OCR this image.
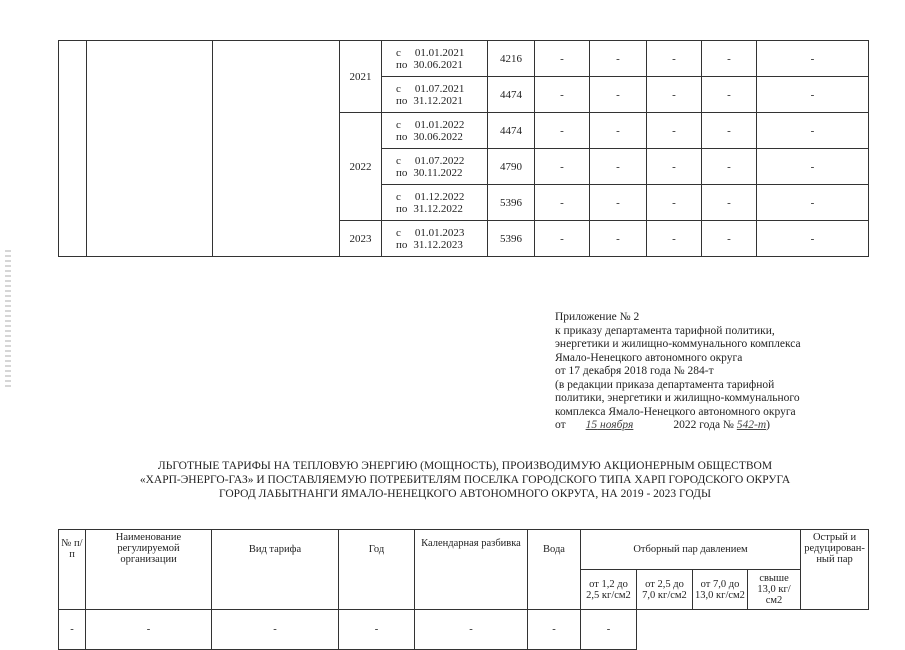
			2021	с 01.01.2021
по 30.06.2021	4216	-	-	-	-	-

				с 01.07.2021
по 31.12.2021	4474	-	-	-	-	-
			2022	с 01.01.2022
по 30.06.2022	4474	-	-	-	-	-

				с 01.07.2022
по 30.11.2022	4790	-	-	-	-	-

				с 01.12.2022
по 31.12.2022	5396	-	-	-	-	-
			2023	с 01.01.2023
по 31.12.2023	5396	-	-	-	-	-
Приложение № 2
к приказу департамента тарифной политики,
энергетики и жилищно-коммунального комплекса
Ямало-Ненецкого автономного округа
от 17 декабря 2018 года № 284-т
(в редакции приказа департамента тарифной
политики, энергетики и жилищно-коммунального
комплекса Ямало-Ненецкого автономного округа
от 15 ноября	2022 года № 542-т)
ЛЬГОТНЫЕ ТАРИФЫ НА ТЕПЛОВУЮ ЭНЕРГИЮ (МОЩНОСТЬ), ПРОИЗВОДИМУЮ АКЦИОНЕРНЫМ ОБЩЕСТВОМ
«ХАРП-ЭНЕРГО-ГАЗ» И ПОСТАВЛЯЕМУЮ ПОТРЕБИТЕЛЯМ ПОСЕЛКА ГОРОДСКОГО ТИПА ХАРП ГОРОДСКОГО ОКРУГА
ГОРОД ЛАБЫТНАНГИ ЯМАЛО-НЕНЕЦКОГО АВТОНОМНОГО ОКРУГА, НА 2019 - 2023 ГОДЫ
№ п/п	Наименование регулируемой организации	Вид тарифа	Год	Календарная разбивка	Вода	Отборный пар давлением				Острый и редуцирован-ный пар
						от 1,2 до 2,5 кг/см2	от 2,5 до 7,0 кг/см2	от 7,0 до 13,0 кг/см2	свыше 13,0 кг/см2	
-	-	-	-	-	-	-				
